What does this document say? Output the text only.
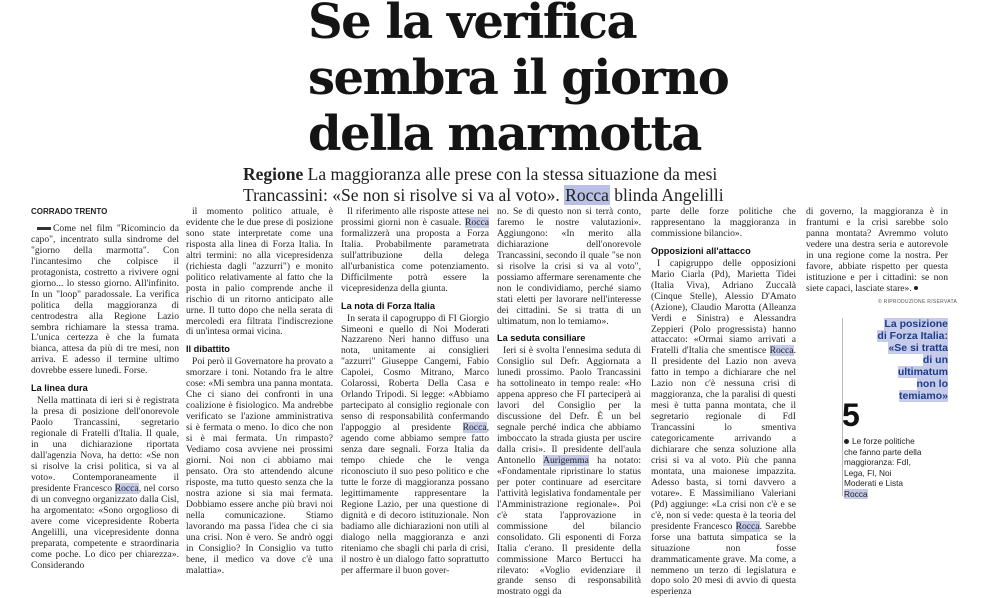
Se la verifica
sembra il giorno
della marmotta
Regione La maggioranza alle prese con la stessa situazione da mesi
Trancassini: «Se non si risolve si va al voto». Rocca blinda Angelilli
CORRADO TRENTO

Come nel film "Ricomincio da capo", incentrato sulla sindrome del "giorno della marmotta". Con l'incantesimo che colpisce il protagonista, costretto a rivivere ogni giorno... lo stesso giorno. All'infinito. In un "loop" paradossale. La verifica politica della maggioranza di centrodestra alla Regione Lazio sembra richiamare la stessa trama. L'unica certezza è che la fumata bianca, attesa da più di tre mesi, non arriva. E adesso il termine ultimo dovrebbe essere lunedì. Forse.

La linea dura

Nella mattinata di ieri si è registrata la presa di posizione dell'onorevole Paolo Trancassini, segretario regionale di Fratelli d'Italia. Il quale, in una dichiarazione riportata dall'agenzia Nova, ha detto: «Se non si risolve la crisi politica, si va al voto». Contemporaneamente il presidente Francesco Rocca, nel corso di un convegno organizzato dalla Cisl, ha argomentato: «Sono orgoglioso di avere come vicepresidente Roberta Angelilli, una vicepresidente donna preparata, competente e straordinaria come poche. Lo dico per chiarezza». Considerando

il momento politico attuale, è evidente che le due prese di posizione sono state interpretate come una risposta alla linea di Forza Italia. In altri termini: no alla vicepresidenza (richiesta dagli "azzurri") e monito politico relativamente al fatto che la posta in palio comprende anche il rischio di un ritorno anticipato alle urne. Il tutto dopo che nella serata di mercoledì era filtrata l'indiscrezione di un'intesa ormai vicina.

Il dibattito

Poi però il Governatore ha provato a smorzare i toni. Notando fra le altre cose: «Mi sembra una panna montata. Che ci siano dei confronti in una coalizione è fisiologico. Ma andrebbe verificato se l'azione amministrativa si è fermata o meno. Io dico che non si è mai fermata. Un rimpasto? Vediamo cosa avviene nei prossimi giorni. Noi non ci abbiamo mai pensato. Ora sto attendendo alcune risposte, ma tutto questo senza che la nostra azione si sia mai fermata. Dobbiamo essere anche più bravi noi nella comunicazione. Stiamo lavorando ma passa l'idea che ci sia una crisi. Non è vero. Se andrò oggi in Consiglio? In Consiglio va tutto bene, il medico va dove c'è una malattia».

Il riferimento alle risposte attese nei prossimi giorni non è casuale. Rocca formalizzerà una proposta a Forza Italia. Probabilmente parametrata sull'attribuzione della delega all'urbanistica come potenziamento. Difficilmente potrà essere la vicepresidenza della giunta.

La nota di Forza Italia

In serata il capogruppo di FI Giorgio Simeoni e quello di Noi Moderati Nazzareno Neri hanno diffuso una nota, unitamente ai consiglieri "azzurri" Giuseppe Cangemi, Fabio Capolei, Cosmo Mitrano, Marco Colarossi, Roberta Della Casa e Orlando Tripodi. Si legge: «Abbiamo partecipato al consiglio regionale con senso di responsabilità confermando l'appoggio al presidente Rocca, agendo come abbiamo sempre fatto senza dare segnali. Forza Italia da tempo chiede che le venga riconosciuto il suo peso politico e che tutte le forze di maggioranza possano legittimamente rappresentare la Regione Lazio, per una questione di dignità e di decoro istituzionale. Non badiamo alle dichiarazioni non utili al dialogo nella maggioranza e anzi riteniamo che sbagli chi parla di crisi, il nostro è un dialogo fatto soprattutto per affermare il buon gover-

no. Se di questo non si terrà conto, faremo le nostre valutazioni». Aggiungono: «In merito alla dichiarazione dell'onorevole Trancassini, secondo il quale "se non si risolve la crisi si va al voto", possiamo affermare serenamente che non le condividiamo, perché siamo stati eletti per lavorare nell'interesse dei cittadini. Se si tratta di un ultimatum, non lo temiamo».

La seduta consiliare

Ieri si è svolta l'ennesima seduta di Consiglio sul Defr. Aggiornata a lunedì prossimo. Paolo Trancassini ha sottolineato in tempo reale: «Ho appena appreso che FI parteciperà ai lavori del Consiglio per la discussione del Defr. È un bel segnale perché indica che abbiamo imboccato la strada giusta per uscire dalla crisi». Il presidente dell'aula Antonello Aurigemma ha notato: «Fondamentale ripristinare lo status per poter continuare ad esercitare l'attività legislativa fondamentale per l'Amministrazione regionale». Poi c'è stata l'approvazione in commissione del bilancio consolidato. Gli esponenti di Forza Italia c'erano. Il presidente della commissione Marco Bertucci ha rilevato: «Voglio evidenziare il grande senso di responsabilità mostrato oggi da

parte delle forze politiche che rappresentano la maggioranza in commissione bilancio».

Opposizioni all'attacco

I capigruppo delle opposizioni Mario Ciarla (Pd), Marietta Tidei (Italia Viva), Adriano Zuccalà (Cinque Stelle), Alessio D'Amato (Azione), Claudio Marotta (Alleanza Verdi e Sinistra) e Alessandra Zeppieri (Polo progressista) hanno attaccato: «Ormai siamo arrivati a Fratelli d'Italia che smentisce Rocca. Il presidente del Lazio non aveva fatto in tempo a dichiarare che nel Lazio non c'è nessuna crisi di maggioranza, che la paralisi di questi mesi è tutta panna montata, che il segretario regionale di FdI Trancassini lo smentiva categoricamente arrivando a dichiarare che senza soluzione alla crisi si va al voto. Più che panna montata, una maionese impazzita. Adesso basta, si torni davvero a votare». E Massimiliano Valeriani (Pd) aggiunge: «La crisi non c'è e se c'è, non si vede: questa è la teoria del presidente Francesco Rocca. Sarebbe forse una battuta simpatica se la situazione non fosse drammaticamente grave. Ma come, a nemmeno un terzo di legislatura e dopo solo 20 mesi di avvio di questa esperienza

di governo, la maggioranza è in frantumi e la crisi sarebbe solo panna montata? Avremmo voluto vedere una destra seria e autorevole in una regione come la nostra. Per favore, abbiate rispetto per questa istituzione e per i cittadini: se non siete capaci, lasciate stare».

© RIPRODUZIONE RISERVATA
La posizione
di Forza Italia:
«Se si tratta
di un
ultimatum
non lo
temiamo»
5
Le forze politiche
che fanno parte della
maggioranza: FdI,
Lega, FI, Noi
Moderati e Lista
Rocca
